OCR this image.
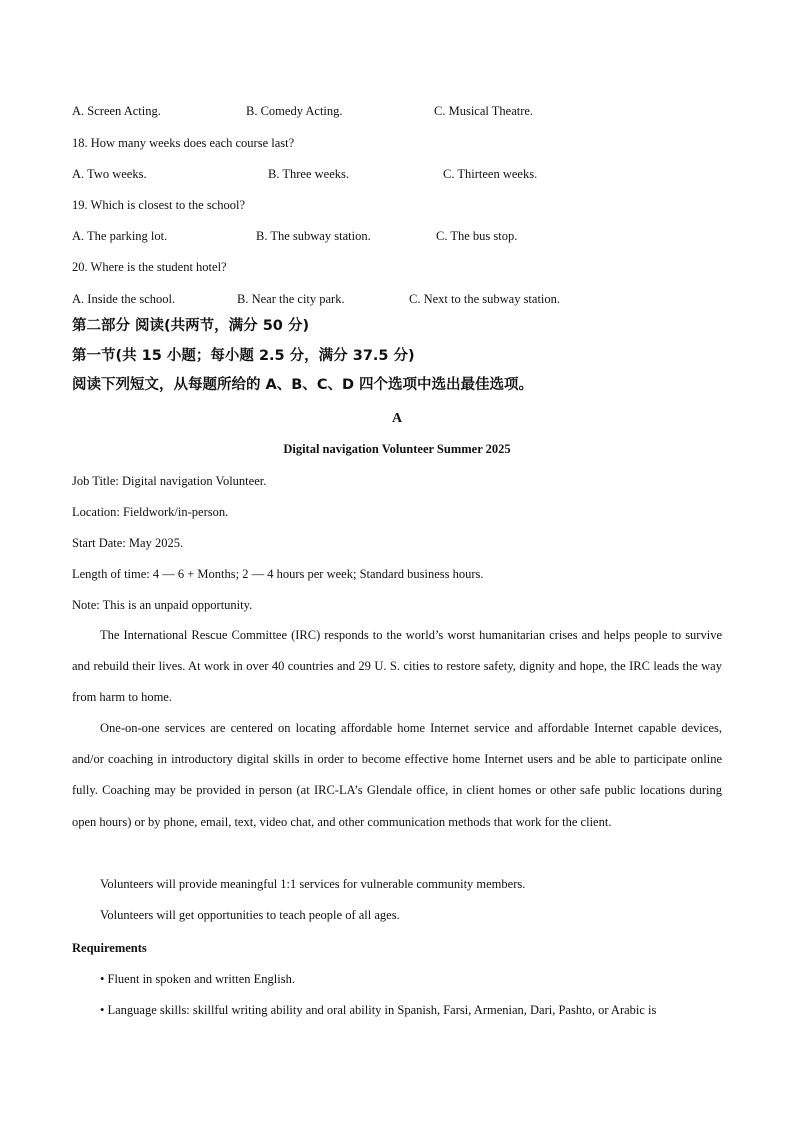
A. Screen Acting.	B. Comedy Acting.	C. Musical Theatre.
18. How many weeks does each course last?
A. Two weeks.	B. Three weeks.	C. Thirteen weeks.
19. Which is closest to the school?
A. The parking lot.	B. The subway station.	C. The bus stop.
20. Where is the student hotel?
A. Inside the school.	B. Near the city park.	C. Next to the subway station.
第二部分 阅读(共两节，满分 50 分)
第一节(共 15 小题；每小题 2.5 分，满分 37.5 分)
阅读下列短文，从每题所给的 A、B、C、D 四个选项中选出最佳选项。
A
Digital navigation Volunteer Summer 2025
Job Title: Digital navigation Volunteer.
Location: Fieldwork/in-person.
Start Date: May 2025.
Length of time: 4 — 6 + Months; 2 — 4 hours per week; Standard business hours.
Note: This is an unpaid opportunity.
The International Rescue Committee (IRC) responds to the world’s worst humanitarian crises and helps people to survive and rebuild their lives. At work in over 40 countries and 29 U. S. cities to restore safety, dignity and hope, the IRC leads the way from harm to home.
One-on-one services are centered on locating affordable home Internet service and affordable Internet capable devices, and/or coaching in introductory digital skills in order to become effective home Internet users and be able to participate online fully. Coaching may be provided in person (at IRC-LA’s Glendale office, in client homes or other safe public locations during open hours) or by phone, email, text, video chat, and other communication methods that work for the client.
Volunteers will provide meaningful 1:1 services for vulnerable community members.
Volunteers will get opportunities to teach people of all ages.
Requirements
• Fluent in spoken and written English.
• Language skills: skillful writing ability and oral ability in Spanish, Farsi, Armenian, Dari, Pashto, or Arabic is
